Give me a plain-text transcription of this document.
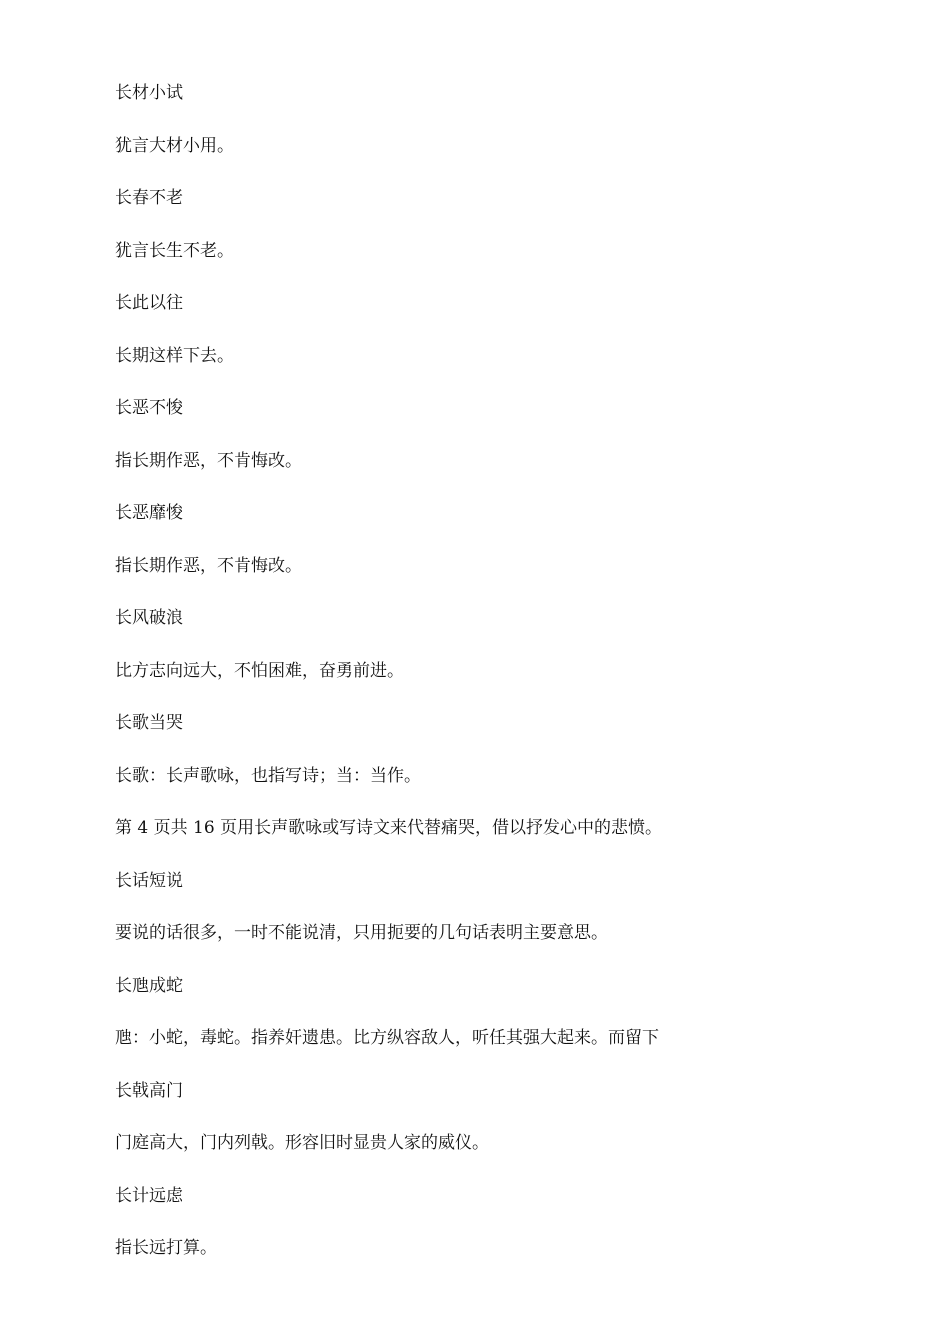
长材小试

犹言大材小用。

长春不老

犹言长生不老。

长此以往

长期这样下去。

长恶不悛

指长期作恶，不肯悔改。

长恶靡悛

指长期作恶，不肯悔改。

长风破浪

比方志向远大，不怕困难，奋勇前进。

长歌当哭

长歌：长声歌咏，也指写诗；当：当作。

第 4 页共 16 页用长声歌咏或写诗文来代替痛哭，借以抒发心中的悲愤。

长话短说

要说的话很多，一时不能说清，只用扼要的几句话表明主要意思。

长虺成蛇

虺：小蛇，毒蛇。指养奸遗患。比方纵容敌人，听任其强大起来。而留下

长戟高门

门庭高大，门内列戟。形容旧时显贵人家的威仪。

长计远虑

指长远打算。
